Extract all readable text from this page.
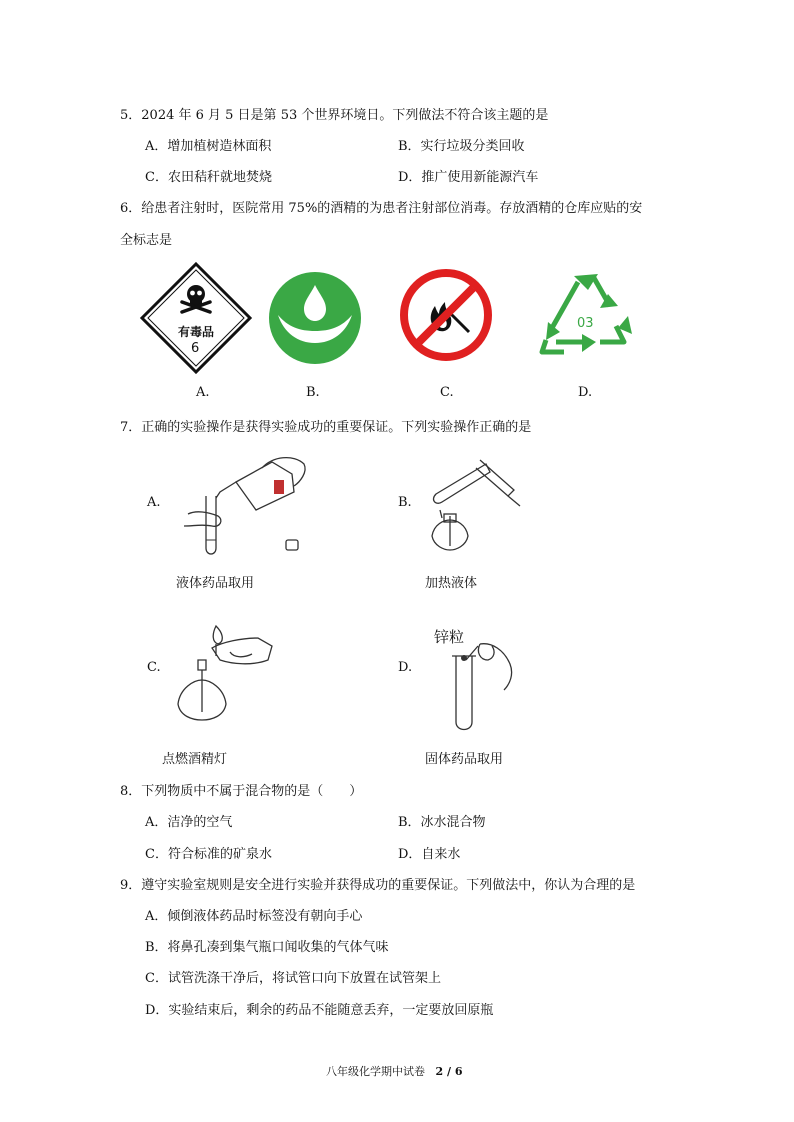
5．2024 年 6 月 5 日是第 53 个世界环境日。下列做法不符合该主题的是
A．增加植树造林面积	B．实行垃圾分类回收
C．农田秸秆就地焚烧	D．推广使用新能源汽车
6．给患者注射时，医院常用 75%的酒精的为患者注射部位消毒。存放酒精的仓库应贴的安
全标志是
有毒品
6
03
A.	B.	C.	D.
7．正确的实验操作是获得实验成功的重要保证。下列实验操作正确的是
A.
液体药品取用
B.
加热液体
C.
点燃酒精灯
D.
锌粒
固体药品取用
8．下列物质中不属于混合物的是（　　）
A．洁净的空气	B．冰水混合物
C．符合标准的矿泉水	D．自来水
9．遵守实验室规则是安全进行实验并获得成功的重要保证。下列做法中，你认为合理的是
A．倾倒液体药品时标签没有朝向手心
B．将鼻孔凑到集气瓶口闻收集的气体气味
C．试管洗涤干净后，将试管口向下放置在试管架上
D．实验结束后，剩余的药品不能随意丢弃，一定要放回原瓶
八年级化学期中试卷 2 / 6
